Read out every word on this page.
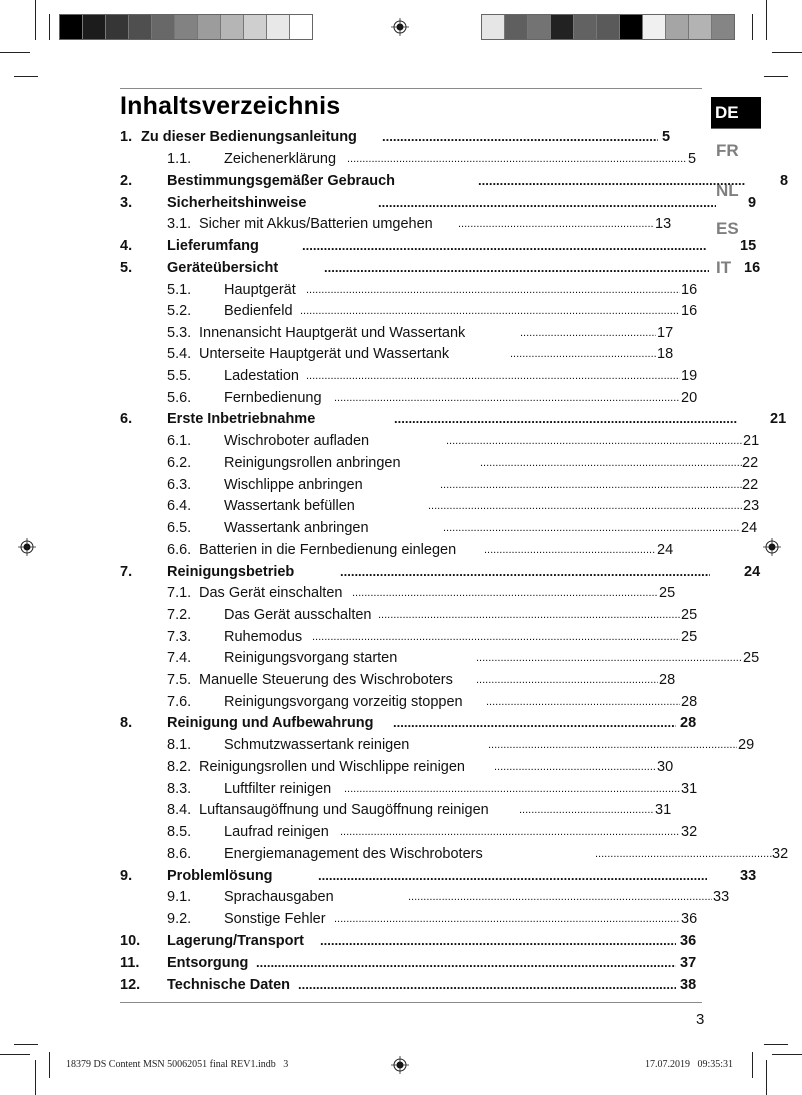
Inhaltsverzeichnis	DE
FR
NL
ES
IT
1. Zu dieser Bedienungsanleitung .....	5
1.1. Zeichenerklärung .....	5
2. Bestimmungsgemäßer Gebrauch .....	8
3. Sicherheitshinweise .....	9
3.1. Sicher mit Akkus/Batterien umgehen .....	13
4. Lieferumfang .....	15
5. Geräteübersicht .....	16
5.1. Hauptgerät .....	16
5.2. Bedienfeld .....	16
5.3. Innenansicht Hauptgerät und Wassertank .....	17
5.4. Unterseite Hauptgerät und Wassertank .....	18
5.5. Ladestation .....	19
5.6. Fernbedienung .....	20
6. Erste Inbetriebnahme .....	21
6.1. Wischroboter aufladen .....	21
6.2. Reinigungsrollen anbringen .....	22
6.3. Wischlippe anbringen .....	22
6.4. Wassertank befüllen .....	23
6.5. Wassertank anbringen .....	24
6.6. Batterien in die Fernbedienung einlegen .....	24
7. Reinigungsbetrieb .....	24
7.1. Das Gerät einschalten .....	25
7.2. Das Gerät ausschalten .....	25
7.3. Ruhemodus .....	25
7.4. Reinigungsvorgang starten .....	25
7.5. Manuelle Steuerung des Wischroboters .....	28
7.6. Reinigungsvorgang vorzeitig stoppen .....	28
8. Reinigung und Aufbewahrung .....	28
8.1. Schmutzwassertank reinigen .....	29
8.2. Reinigungsrollen und Wischlippe reinigen .....	30
8.3. Luftfilter reinigen .....	31
8.4. Luftansaugöffnung und Saugöffnung reinigen .....	31
8.5. Laufrad reinigen .....	32
8.6. Energiemanagement des Wischroboters .....	32
9. Problemlösung .....	33
9.1. Sprachausgaben .....	33
9.2. Sonstige Fehler .....	36
10. Lagerung/Transport .....	36
11. Entsorgung .....	37
12. Technische Daten .....	38
3
18379 DS Content MSN 50062051 final REV1.indb   3	17.07.2019   09:35:31
